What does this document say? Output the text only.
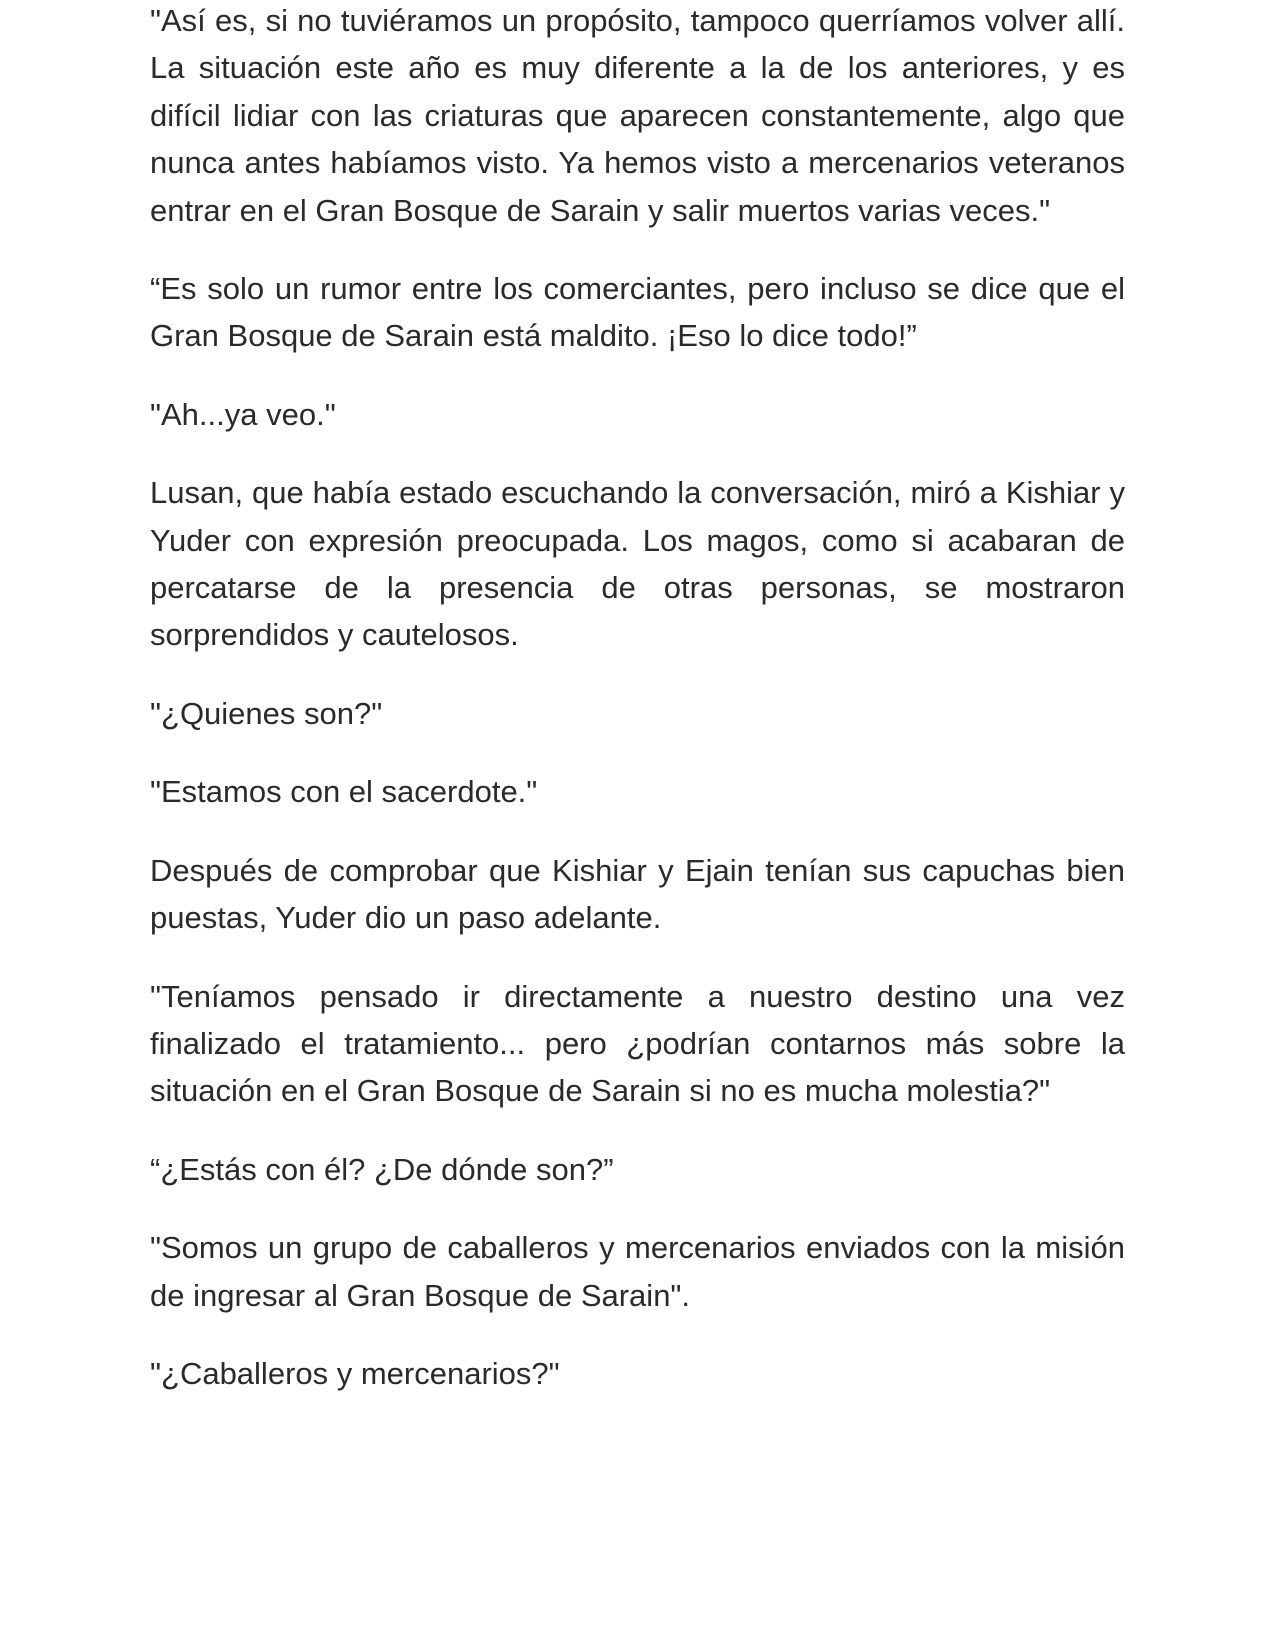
"Así es, si no tuviéramos un propósito, tampoco querríamos volver allí. La situación este año es muy diferente a la de los anteriores, y es difícil lidiar con las criaturas que aparecen constantemente, algo que nunca antes habíamos visto. Ya hemos visto a mercenarios veteranos entrar en el Gran Bosque de Sarain y salir muertos varias veces."

“Es solo un rumor entre los comerciantes, pero incluso se dice que el Gran Bosque de Sarain está maldito. ¡Eso lo dice todo!”

"Ah...ya veo."

Lusan, que había estado escuchando la conversación, miró a Kishiar y Yuder con expresión preocupada. Los magos, como si acabaran de percatarse de la presencia de otras personas, se mostraron sorprendidos y cautelosos.

"¿Quienes son?"

"Estamos con el sacerdote."

Después de comprobar que Kishiar y Ejain tenían sus capuchas bien puestas, Yuder dio un paso adelante.

"Teníamos pensado ir directamente a nuestro destino una vez finalizado el tratamiento... pero ¿podrían contarnos más sobre la situación en el Gran Bosque de Sarain si no es mucha molestia?"

“¿Estás con él? ¿De dónde son?”

"Somos un grupo de caballeros y mercenarios enviados con la misión de ingresar al Gran Bosque de Sarain".

"¿Caballeros y mercenarios?"
